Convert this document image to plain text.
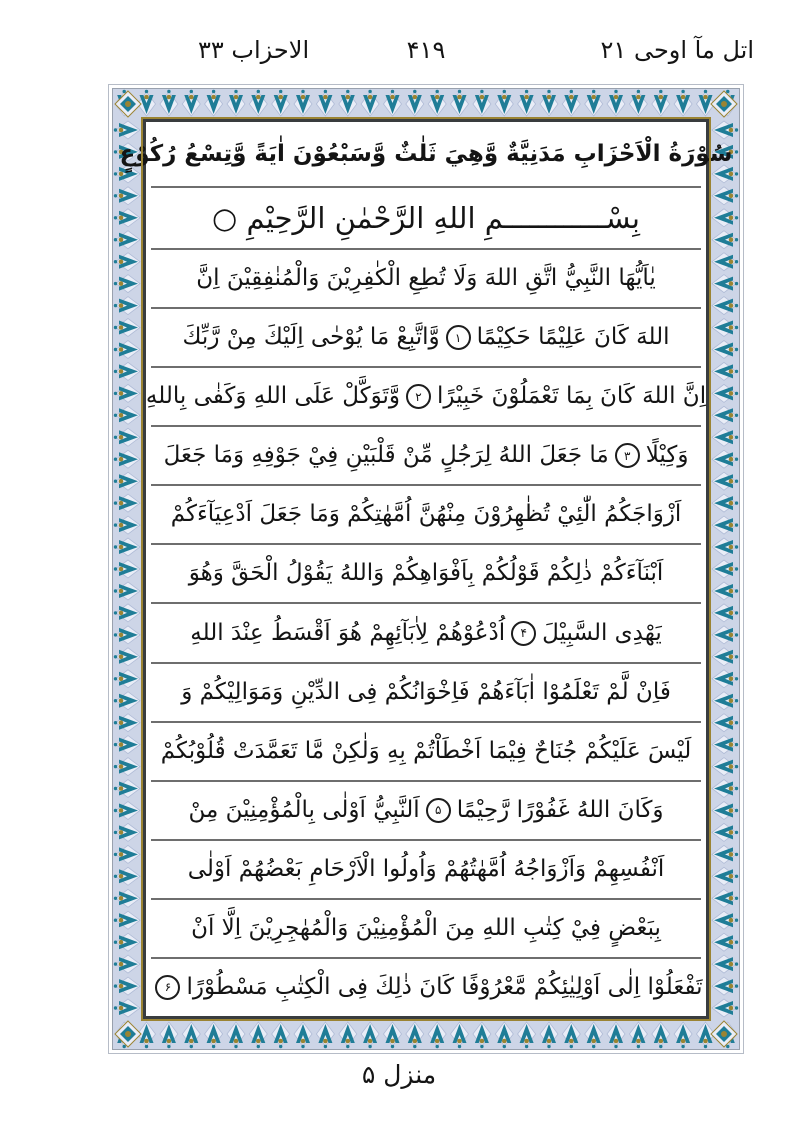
الاحزاب ۳۳	۴۱۹	اتل مآ اوحی ۲۱
سُوْرَةُ الْاَحْزَابِ مَدَنِيَّةٌ وَّهِيَ ثَلٰثٌ وَّسَبْعُوْنَ اٰيَةً وَّتِسْعُ رُكُوْعٍ
بِسْــــــــــــمِ اللهِ الرَّحْمٰنِ الرَّحِيْمِ ○
يٰاَيُّهَا النَّبِيُّ اتَّقِ اللهَ وَلَا تُطِعِ الْكٰفِرِيْنَ وَالْمُنٰفِقِيْنَ اِنَّ
اللهَ كَانَ عَلِيْمًا حَكِيْمًا
۱
وَّاتَّبِعْ مَا يُوْحٰى اِلَيْكَ مِنْ رَّبِّكَ
اِنَّ اللهَ كَانَ بِمَا تَعْمَلُوْنَ خَبِيْرًا
۲
وَّتَوَكَّلْ عَلَى اللهِ وَكَفٰى بِاللهِ
وَكِيْلًا
۳
مَا جَعَلَ اللهُ لِرَجُلٍ مِّنْ قَلْبَيْنِ فِيْ جَوْفِهِ وَمَا جَعَلَ
اَزْوَاجَكُمُ الّٰئِيْ تُظٰهِرُوْنَ مِنْهُنَّ اُمَّهٰتِكُمْ وَمَا جَعَلَ اَدْعِيَآءَكُمْ
اَبْنَآءَكُمْ ذٰلِكُمْ قَوْلُكُمْ بِاَفْوَاهِكُمْ وَاللهُ يَقُوْلُ الْحَقَّ وَهُوَ
يَهْدِى السَّبِيْلَ
۴
اُدْعُوْهُمْ لِاٰبَآئِهِمْ هُوَ اَقْسَطُ عِنْدَ اللهِ
فَاِنْ لَّمْ تَعْلَمُوْا اٰبَآءَهُمْ فَاِخْوَانُكُمْ فِى الدِّيْنِ وَمَوَالِيْكُمْ وَ
لَيْسَ عَلَيْكُمْ جُنَاحٌ فِيْمَا اَخْطَاْتُمْ بِهِ وَلٰكِنْ مَّا تَعَمَّدَتْ قُلُوْبُكُمْ
وَكَانَ اللهُ غَفُوْرًا رَّحِيْمًا
۵
اَلنَّبِيُّ اَوْلٰى بِالْمُؤْمِنِيْنَ مِنْ
اَنْفُسِهِمْ وَاَزْوَاجُهُ اُمَّهٰتُهُمْ وَاُولُوا الْاَرْحَامِ بَعْضُهُمْ اَوْلٰى
بِبَعْضٍ فِيْ كِتٰبِ اللهِ مِنَ الْمُؤْمِنِيْنَ وَالْمُهٰجِرِيْنَ اِلَّا اَنْ
تَفْعَلُوْا اِلٰى اَوْلِيٰئِكُمْ مَّعْرُوْفًا كَانَ ذٰلِكَ فِى الْكِتٰبِ مَسْطُوْرًا
۶
منزل ۵
